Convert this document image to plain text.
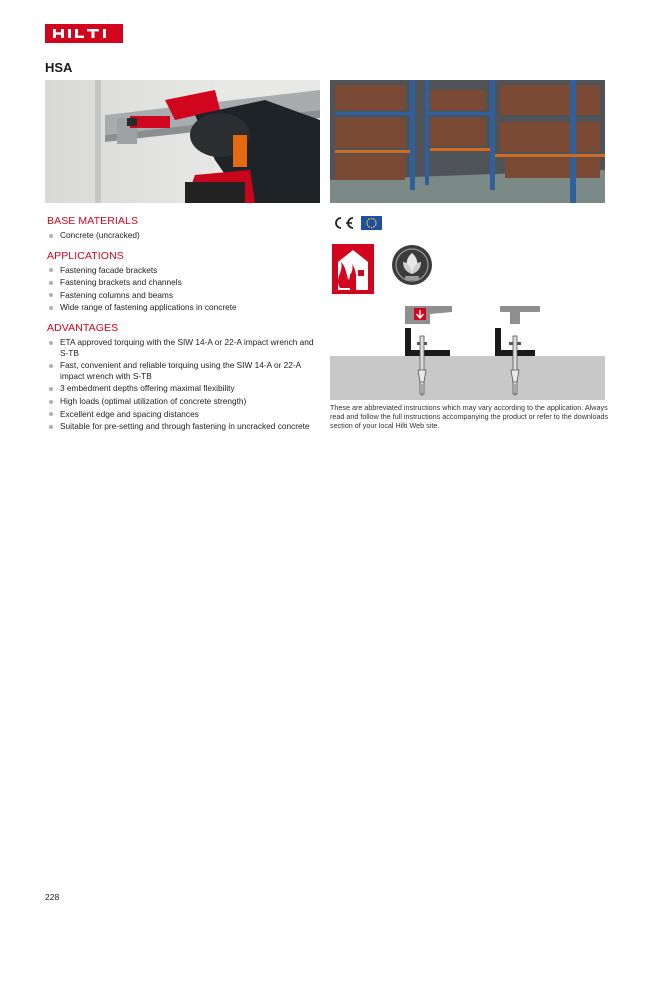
HSA
BASE MATERIALS
Concrete (uncracked)
APPLICATIONS
Fastening facade brackets
Fastening brackets and channels
Fastening columns and beams
Wide range of fastening applications in concrete
ADVANTAGES
ETA approved torquing with the SIW 14-A or 22-A impact wrench and S-TB
Fast, convenient and reliable torquing using the SIW 14-A or 22-A impact wrench with S-TB
3 embedment depths offering maximal flexibility
High loads (optimal utilization of concrete strength)
Excellent edge and spacing distances
Suitable for pre-setting and through fastening in uncracked concrete
These are abbreviated instructions which may vary according to the application. Always read and follow the full instructions accompanying the product or refer to the downloads section of your local Hilti Web site.
228
